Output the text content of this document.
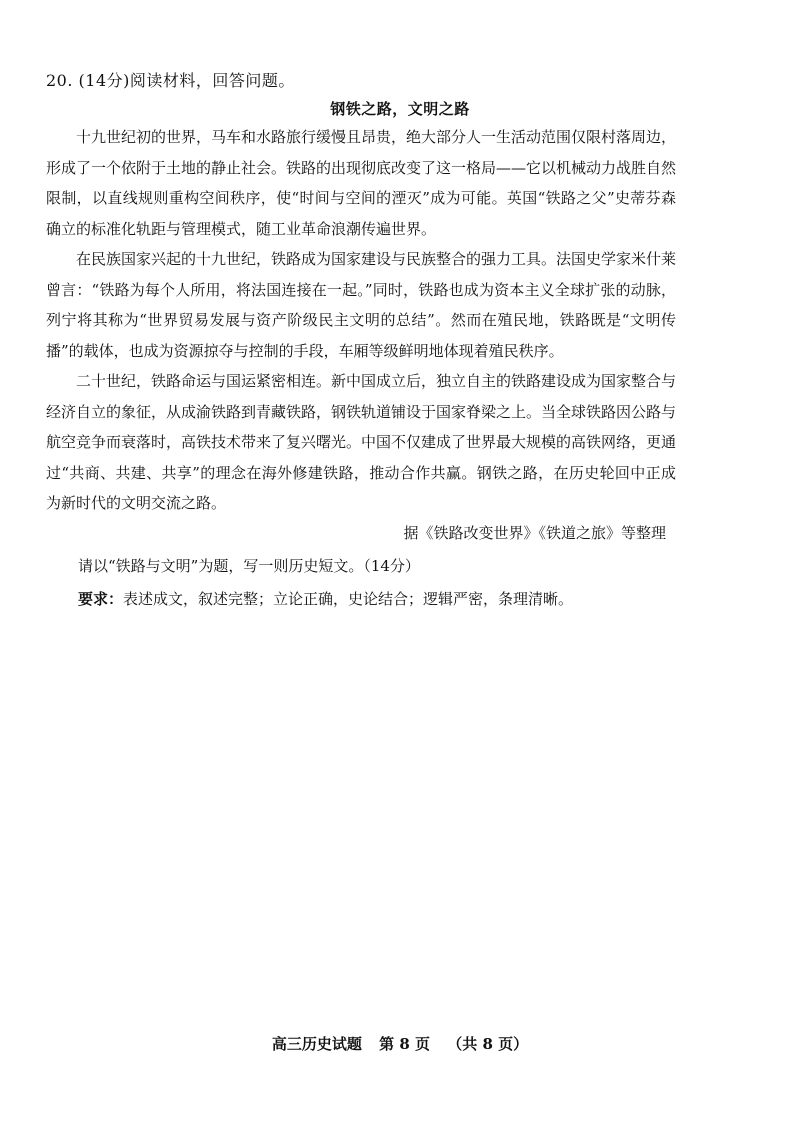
20. (14分)阅读材料，回答问题。
钢铁之路，文明之路

十九世纪初的世界，马车和水路旅行缓慢且昂贵，绝大部分人一生活动范围仅限村落周边，形成了一个依附于土地的静止社会。铁路的出现彻底改变了这一格局——它以机械动力战胜自然限制，以直线规则重构空间秩序，使“时间与空间的湮灭”成为可能。英国“铁路之父”史蒂芬森确立的标准化轨距与管理模式，随工业革命浪潮传遍世界。

在民族国家兴起的十九世纪，铁路成为国家建设与民族整合的强力工具。法国史学家米什莱曾言：“铁路为每个人所用，将法国连接在一起。”同时，铁路也成为资本主义全球扩张的动脉，列宁将其称为“世界贸易发展与资产阶级民主文明的总结”。然而在殖民地，铁路既是“文明传播”的载体，也成为资源掠夺与控制的手段，车厢等级鲜明地体现着殖民秩序。

二十世纪，铁路命运与国运紧密相连。新中国成立后，独立自主的铁路建设成为国家整合与经济自立的象征，从成渝铁路到青藏铁路，钢铁轨道铺设于国家脊梁之上。当全球铁路因公路与航空竞争而衰落时，高铁技术带来了复兴曙光。中国不仅建成了世界最大规模的高铁网络，更通过“共商、共建、共享”的理念在海外修建铁路，推动合作共赢。钢铁之路，在历史轮回中正成为新时代的文明交流之路。

据《铁路改变世界》《铁道之旅》等整理
请以“铁路与文明”为题，写一则历史短文。（14分）
要求：表述成文，叙述完整；立论正确，史论结合；逻辑严密，条理清晰。
高三历史试题 第 8 页 （共 8 页）
